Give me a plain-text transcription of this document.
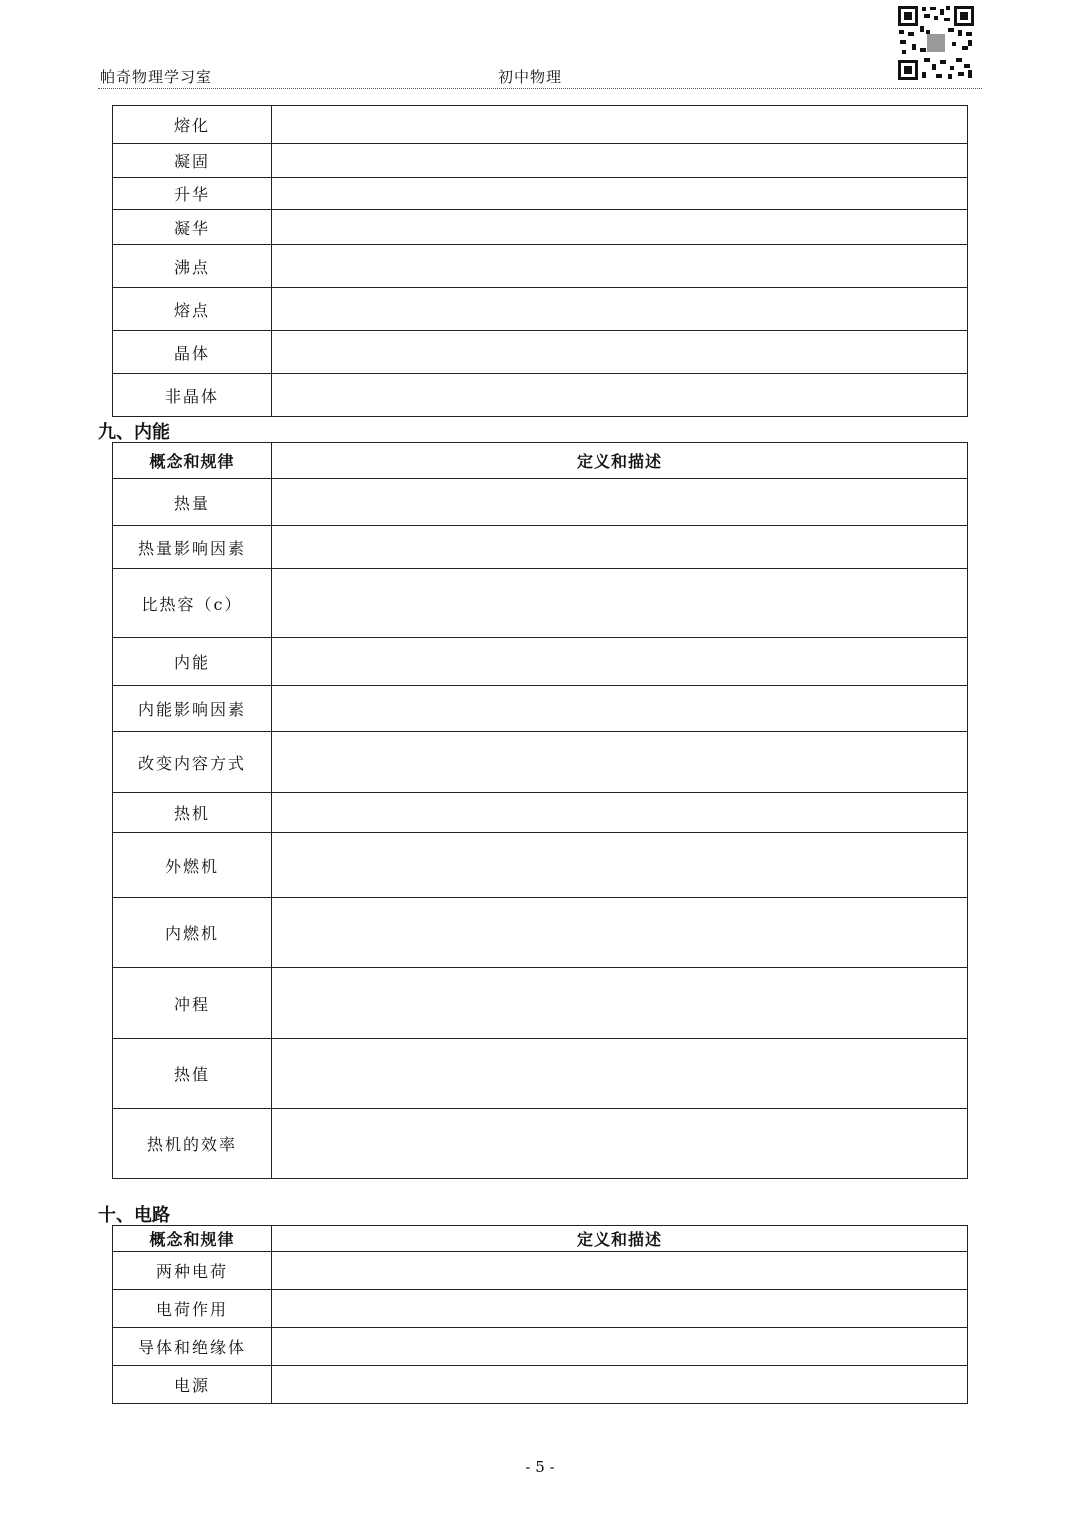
帕奇物理学习室	初中物理
熔化	
凝固	
升华	
凝华	
沸点	
熔点	
晶体	
非晶体	
九、内能
概念和规律	定义和描述
热量	
热量影响因素	
比热容（c）	
内能	
内能影响因素	
改变内容方式	
热机	
外燃机	
内燃机	
冲程	
热值	
热机的效率	
十、电路
概念和规律	定义和描述
两种电荷	
电荷作用	
导体和绝缘体	
电源	
- 5 -
